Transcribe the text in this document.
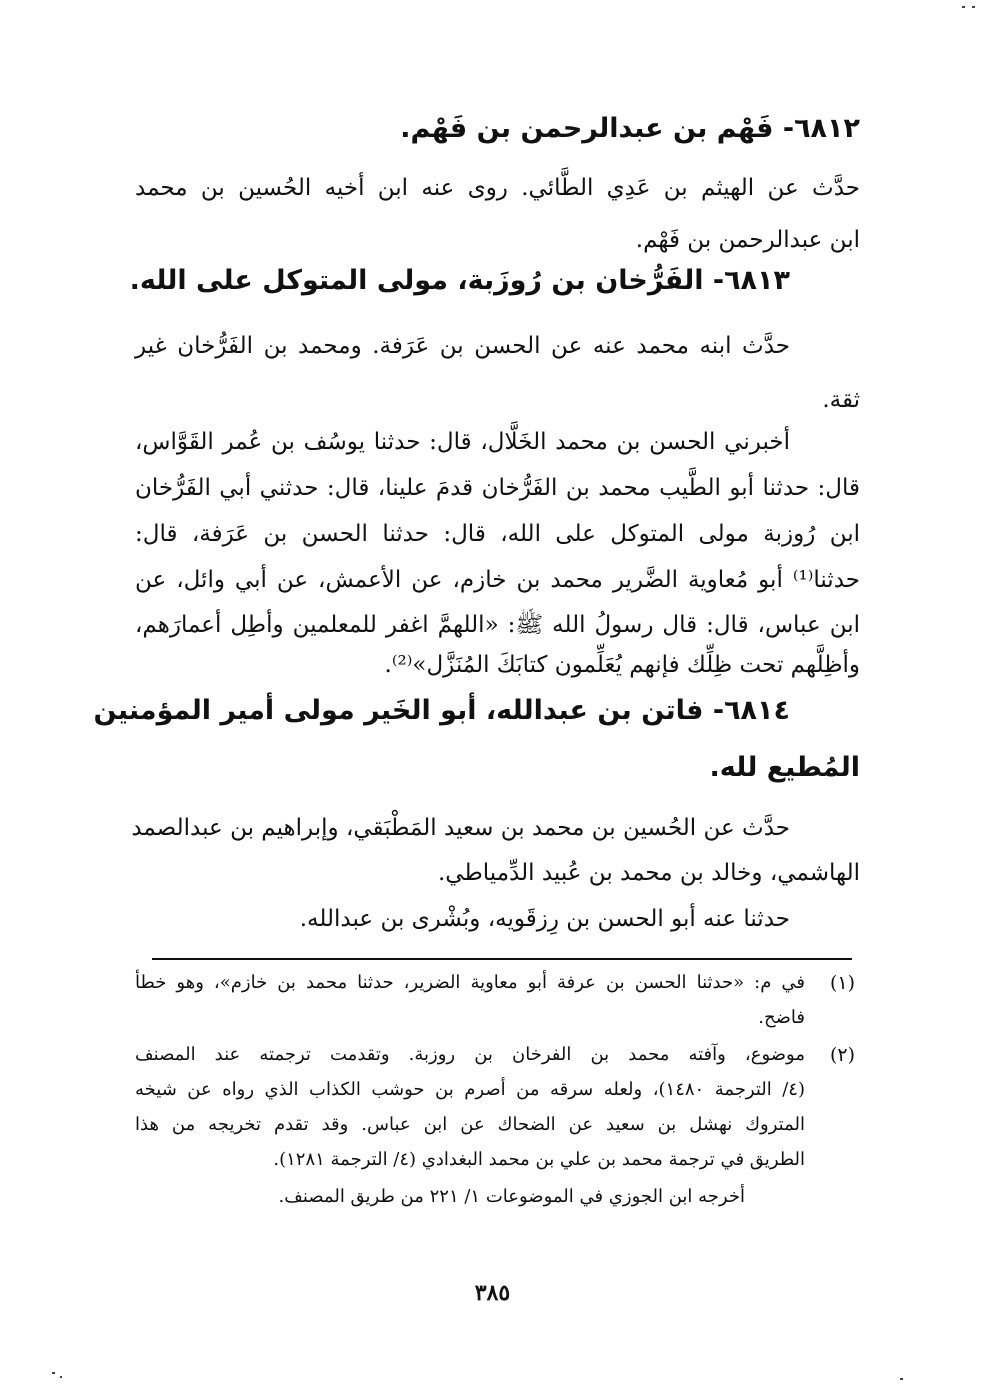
٦٨١٢- فَهْم بن عبدالرحمن بن فَهْم.
حدَّث عن الهيثم بن عَدِي الطَّائي. روى عنه ابن أخيه الحُسين بن محمد
ابن عبدالرحمن بن فَهْم.
٦٨١٣- الفَرُّخان بن رُوزَبة، مولى المتوكل على الله.
حدَّث ابنه محمد عنه عن الحسن بن عَرَفة. ومحمد بن الفَرُّخان غير
ثقة.
أخبرني الحسن بن محمد الخَلَّال، قال: حدثنا يوسُف بن عُمر القَوَّاس،
قال: حدثنا أبو الطَّيب محمد بن الفَرُّخان قدمَ علينا، قال: حدثني أبي الفَرُّخان
ابن رُوزبة مولى المتوكل على الله، قال: حدثنا الحسن بن عَرَفة، قال:
حدثنا⁽¹⁾ أبو مُعاوية الضَّرير محمد بن خازم، عن الأعمش، عن أبي وائل، عن
ابن عباس، قال: قال رسولُ الله ﷺ: «اللهمَّ اغفر للمعلمين وأطِل أعمارَهم،
وأظِلَّهم تحت ظِلِّك فإنهم يُعَلِّمون كتابَكَ المُنَزَّل»⁽²⁾.
٦٨١٤- فاتن بن عبدالله، أبو الخَير مولى أمير المؤمنين
المُطيع لله.
حدَّث عن الحُسين بن محمد بن سعيد المَطْبَقي، وإبراهيم بن عبدالصمد
الهاشمي، وخالد بن محمد بن عُبيد الدِّمياطي.
حدثنا عنه أبو الحسن بن رِزقَويه، وبُشْرى بن عبدالله.
(١)
في م: «حدثنا الحسن بن عرفة أبو معاوية الضرير، حدثنا محمد بن خازم»، وهو خطأ
فاضح.
(٢)
موضوع، وآفته محمد بن الفرخان بن روزبة. وتقدمت ترجمته عند المصنف
(٤/ الترجمة ١٤٨٠)، ولعله سرقه من أصرم بن حوشب الكذاب الذي رواه عن شيخه
المتروك نهشل بن سعيد عن الضحاك عن ابن عباس. وقد تقدم تخريجه من هذا
الطريق في ترجمة محمد بن علي بن محمد البغدادي (٤/ الترجمة ١٢٨١).
أخرجه ابن الجوزي في الموضوعات ١/ ٢٢١ من طريق المصنف.
٣٨٥
